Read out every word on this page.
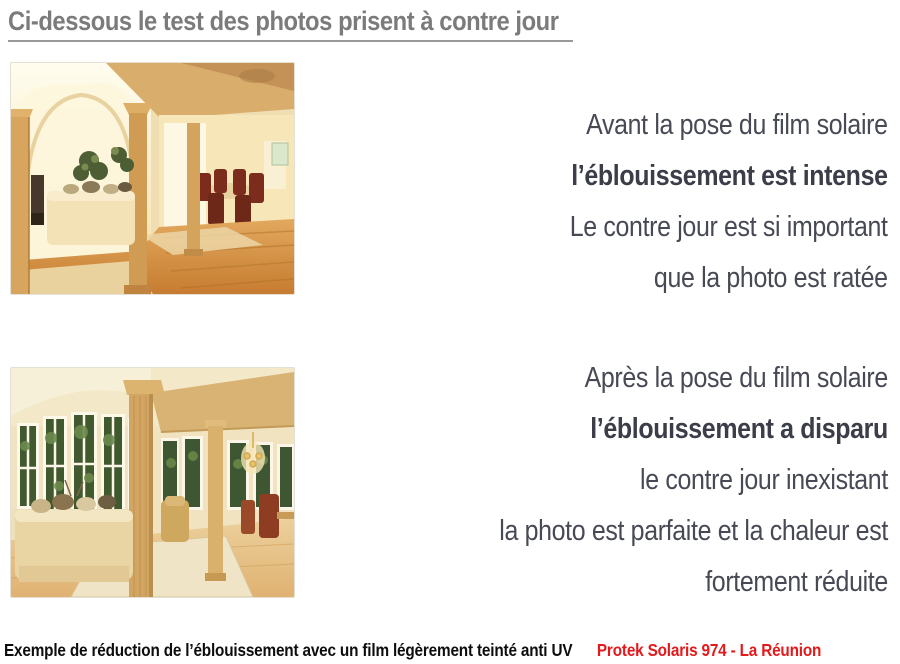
Ci-dessous le test des photos prisent à contre jour
Avant la pose du film solaire
l’éblouissement est intense
Le contre jour est si important
que la photo est ratée
Après la pose du film solaire
l’éblouissement a disparu
le contre jour inexistant
la photo est parfaite et la chaleur est
fortement réduite
Exemple de réduction de l’éblouissement avec un film légèrement teinté anti UV Protek Solaris 974 - La Réunion
